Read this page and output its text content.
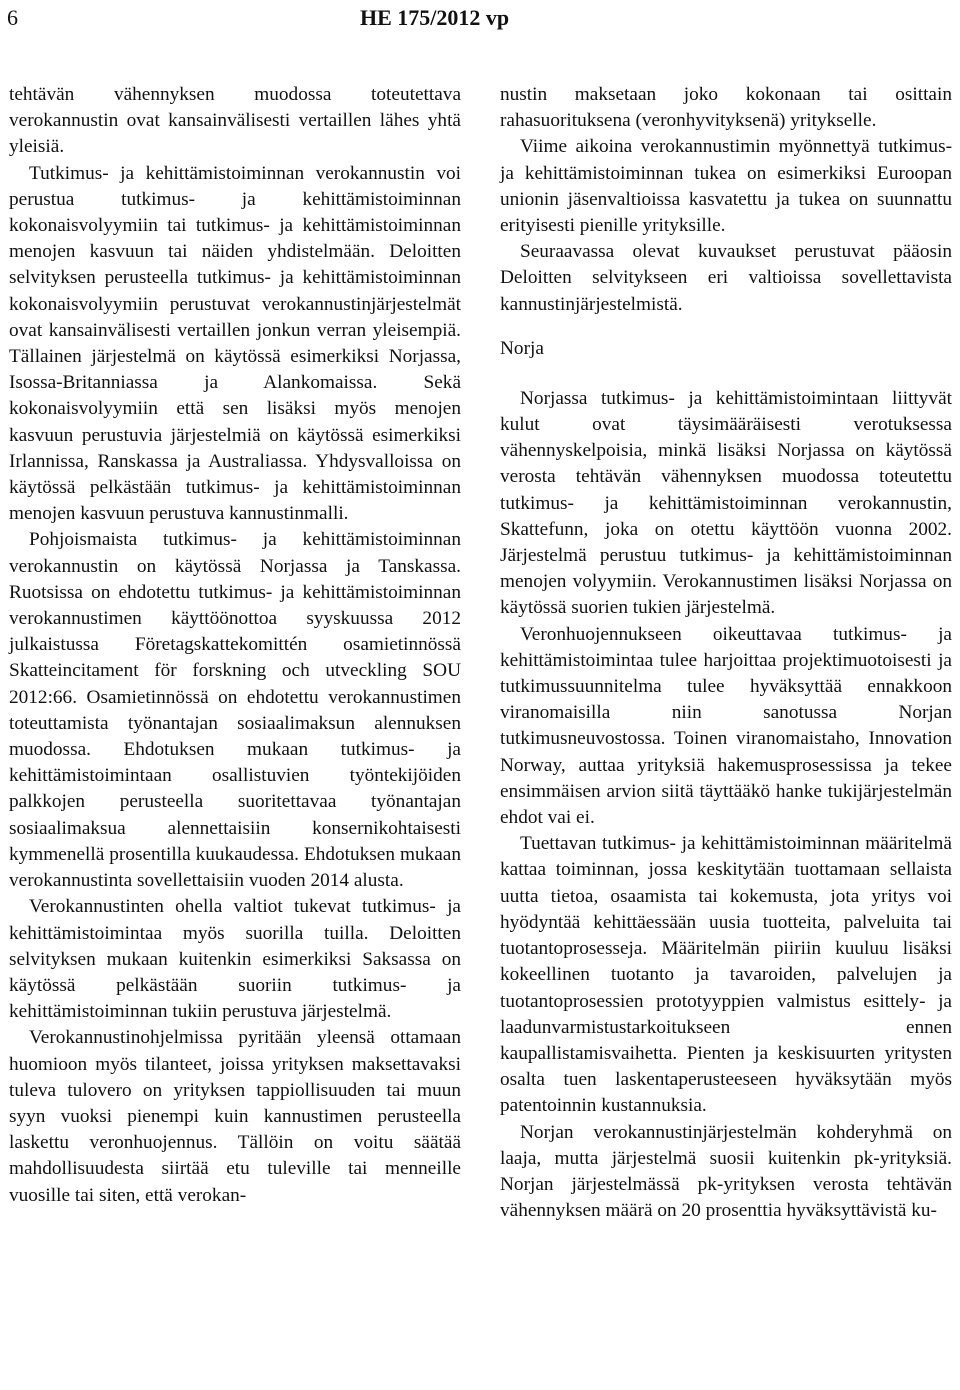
6	HE 175/2012 vp

tehtävän vähennyksen muodossa toteutettava verokannustin ovat kansainvälisesti vertaillen lähes yhtä yleisiä.

Tutkimus- ja kehittämistoiminnan verokannustin voi perustua tutkimus- ja kehittämistoiminnan kokonaisvolyymiin tai tutkimus- ja kehittämistoiminnan menojen kasvuun tai näiden yhdistelmään. Deloitten selvityksen perusteella tutkimus- ja kehittämistoiminnan kokonaisvolyymiin perustuvat verokannustinjärjestelmät ovat kansainvälisesti vertaillen jonkun verran yleisempiä. Tällainen järjestelmä on käytössä esimerkiksi Norjassa, Isossa-Britanniassa ja Alankomaissa. Sekä kokonaisvolyymiin että sen lisäksi myös menojen kasvuun perustuvia järjestelmiä on käytössä esimerkiksi Irlannissa, Ranskassa ja Australiassa. Yhdysvalloissa on käytössä pelkästään tutkimus- ja kehittämistoiminnan menojen kasvuun perustuva kannustinmalli.

Pohjoismaista tutkimus- ja kehittämistoiminnan verokannustin on käytössä Norjassa ja Tanskassa. Ruotsissa on ehdotettu tutkimus- ja kehittämistoiminnan verokannustimen käyttöönottoa syyskuussa 2012 julkaistussa Företagskattekomittén osamietinnössä Skatteincitament för forskning och utveckling SOU 2012:66. Osamietinnössä on ehdotettu verokannustimen toteuttamista työnantajan sosiaalimaksun alennuksen muodossa. Ehdotuksen mukaan tutkimus- ja kehittämistoimintaan osallistuvien työntekijöiden palkkojen perusteella suoritettavaa työnantajan sosiaalimaksua alennettaisiin konsernikohtaisesti kymmenellä prosentilla kuukaudessa. Ehdotuksen mukaan verokannustinta sovellettaisiin vuoden 2014 alusta.

Verokannustinten ohella valtiot tukevat tutkimus- ja kehittämistoimintaa myös suorilla tuilla. Deloitten selvityksen mukaan kuitenkin esimerkiksi Saksassa on käytössä pelkästään suoriin tutkimus- ja kehittämistoiminnan tukiin perustuva järjestelmä.

Verokannustinohjelmissa pyritään yleensä ottamaan huomioon myös tilanteet, joissa yrityksen maksettavaksi tuleva tulovero on yrityksen tappiollisuuden tai muun syyn vuoksi pienempi kuin kannustimen perusteella laskettu veronhuojennus. Tällöin on voitu säätää mahdollisuudesta siirtää etu tuleville tai menneille vuosille tai siten, että verokan-

nustin maksetaan joko kokonaan tai osittain rahasuorituksena (veronhyvityksenä) yritykselle.

Viime aikoina verokannustimin myönnettyä tutkimus- ja kehittämistoiminnan tukea on esimerkiksi Euroopan unionin jäsenvaltioissa kasvatettu ja tukea on suunnattu erityisesti pienille yrityksille.

Seuraavassa olevat kuvaukset perustuvat pääosin Deloitten selvitykseen eri valtioissa sovellettavista kannustinjärjestelmistä.

Norja

Norjassa tutkimus- ja kehittämistoimintaan liittyvät kulut ovat täysimääräisesti verotuksessa vähennyskelpoisia, minkä lisäksi Norjassa on käytössä verosta tehtävän vähennyksen muodossa toteutettu tutkimus- ja kehittämistoiminnan verokannustin, Skattefunn, joka on otettu käyttöön vuonna 2002. Järjestelmä perustuu tutkimus- ja kehittämistoiminnan menojen volyymiin. Verokannustimen lisäksi Norjassa on käytössä suorien tukien järjestelmä.

Veronhuojennukseen oikeuttavaa tutkimus- ja kehittämistoimintaa tulee harjoittaa projektimuotoisesti ja tutkimussuunnitelma tulee hyväksyttää ennakkoon viranomaisilla niin sanotussa Norjan tutkimusneuvostossa. Toinen viranomaistaho, Innovation Norway, auttaa yrityksiä hakemusprosessissa ja tekee ensimmäisen arvion siitä täyttääkö hanke tukijärjestelmän ehdot vai ei.

Tuettavan tutkimus- ja kehittämistoiminnan määritelmä kattaa toiminnan, jossa keskitytään tuottamaan sellaista uutta tietoa, osaamista tai kokemusta, jota yritys voi hyödyntää kehittäessään uusia tuotteita, palveluita tai tuotantoprosesseja. Määritelmän piiriin kuuluu lisäksi kokeellinen tuotanto ja tavaroiden, palvelujen ja tuotantoprosessien prototyyppien valmistus esittely- ja laadunvarmistustarkoitukseen ennen kaupallistamisvaihetta. Pienten ja keskisuurten yritysten osalta tuen laskentaperusteeseen hyväksytään myös patentoinnin kustannuksia.

Norjan verokannustinjärjestelmän kohderyhmä on laaja, mutta järjestelmä suosii kuitenkin pk-yrityksiä. Norjan järjestelmässä pk-yrityksen verosta tehtävän vähennyksen määrä on 20 prosenttia hyväksyttävistä ku-
